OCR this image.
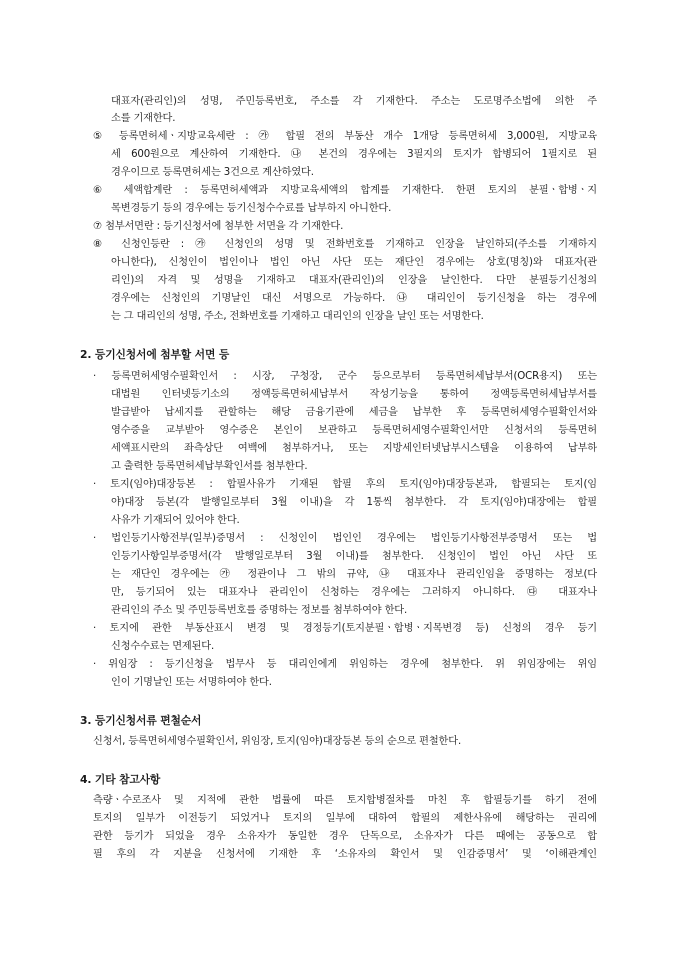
대표자(관리인)의 성명, 주민등록번호, 주소를 각 기재한다. 주소는 도로명주소법에 의한 주
소를 기재한다.
⑤ 등록면허세ㆍ지방교육세란 : ㉮ 합필 전의 부동산 개수 1개당 등록면허세 3,000원, 지방교육
세 600원으로 계산하여 기재한다. ㉯ 본건의 경우에는 3필지의 토지가 합병되어 1필지로 된
경우이므로 등록면허세는 3건으로 계산하였다.
⑥ 세액합계란 : 등록면허세액과 지방교육세액의 합계를 기재한다. 한편 토지의 분필ㆍ합병ㆍ지
목변경등기 등의 경우에는 등기신청수수료를 납부하지 아니한다.
⑦ 첨부서면란 : 등기신청서에 첨부한 서면을 각 기재한다.
⑧ 신청인등란 : ㉮ 신청인의 성명 및 전화번호를 기재하고 인장을 날인하되(주소를 기재하지
아니한다), 신청인이 법인이나 법인 아닌 사단 또는 재단인 경우에는 상호(명칭)와 대표자(관
리인)의 자격 및 성명을 기재하고 대표자(관리인)의 인장을 날인한다. 다만 분필등기신청의
경우에는 신청인의 기명날인 대신 서명으로 가능하다. ㉯ 대리인이 등기신청을 하는 경우에
는 그 대리인의 성명, 주소, 전화번호를 기재하고 대리인의 인장을 날인 또는 서명한다.
2. 등기신청서에 첨부할 서면 등
· 등록면허세영수필확인서 : 시장, 구청장, 군수 등으로부터 등록면허세납부서(OCR용지) 또는
대법원 인터넷등기소의 정액등록면허세납부서 작성기능을 통하여 정액등록면허세납부서를
발급받아 납세지를 관할하는 해당 금융기관에 세금을 납부한 후 등록면허세영수필확인서와
영수증을 교부받아 영수증은 본인이 보관하고 등록면허세영수필확인서만 신청서의 등록면허
세액표시란의 좌측상단 여백에 첨부하거나, 또는 지방세인터넷납부시스템을 이용하여 납부하
고 출력한 등록면허세납부확인서를 첨부한다.
· 토지(임야)대장등본 : 합필사유가 기재된 합필 후의 토지(임야)대장등본과, 합필되는 토지(임
야)대장 등본(각 발행일로부터 3월 이내)을 각 1통씩 첨부한다. 각 토지(임야)대장에는 합필
사유가 기재되어 있어야 한다.
· 법인등기사항전부(일부)증명서 : 신청인이 법인인 경우에는 법인등기사항전부증명서 또는 법
인등기사항일부증명서(각 발행일로부터 3월 이내)를 첨부한다. 신청인이 법인 아닌 사단 또
는 재단인 경우에는 ㉮ 정관이나 그 밖의 규약, ㉯ 대표자나 관리인임을 증명하는 정보(다
만, 등기되어 있는 대표자나 관리인이 신청하는 경우에는 그러하지 아니하다. ㉰ 대표자나
관리인의 주소 및 주민등록번호를 증명하는 정보를 첨부하여야 한다.
· 토지에 관한 부동산표시 변경 및 경정등기(토지분필ㆍ합병ㆍ지목변경 등) 신청의 경우 등기
신청수수료는 면제된다.
· 위임장 : 등기신청을 법무사 등 대리인에게 위임하는 경우에 첨부한다. 위 위임장에는 위임
인이 기명날인 또는 서명하여야 한다.
3. 등기신청서류 편철순서
신청서, 등록면허세영수필확인서, 위임장, 토지(임야)대장등본 등의 순으로 편철한다.
4. 기타 참고사항
측량ㆍ수로조사 및 지적에 관한 법률에 따른 토지합병절차를 마친 후 합필등기를 하기 전에
토지의 일부가 이전등기 되었거나 토지의 일부에 대하여 합필의 제한사유에 해당하는 권리에
관한 등기가 되었을 경우 소유자가 동일한 경우 단독으로, 소유자가 다른 때에는 공동으로 합
필 후의 각 지분을 신청서에 기재한 후 ‘소유자의 확인서 및 인감증명서’ 및 ‘이해관계인
